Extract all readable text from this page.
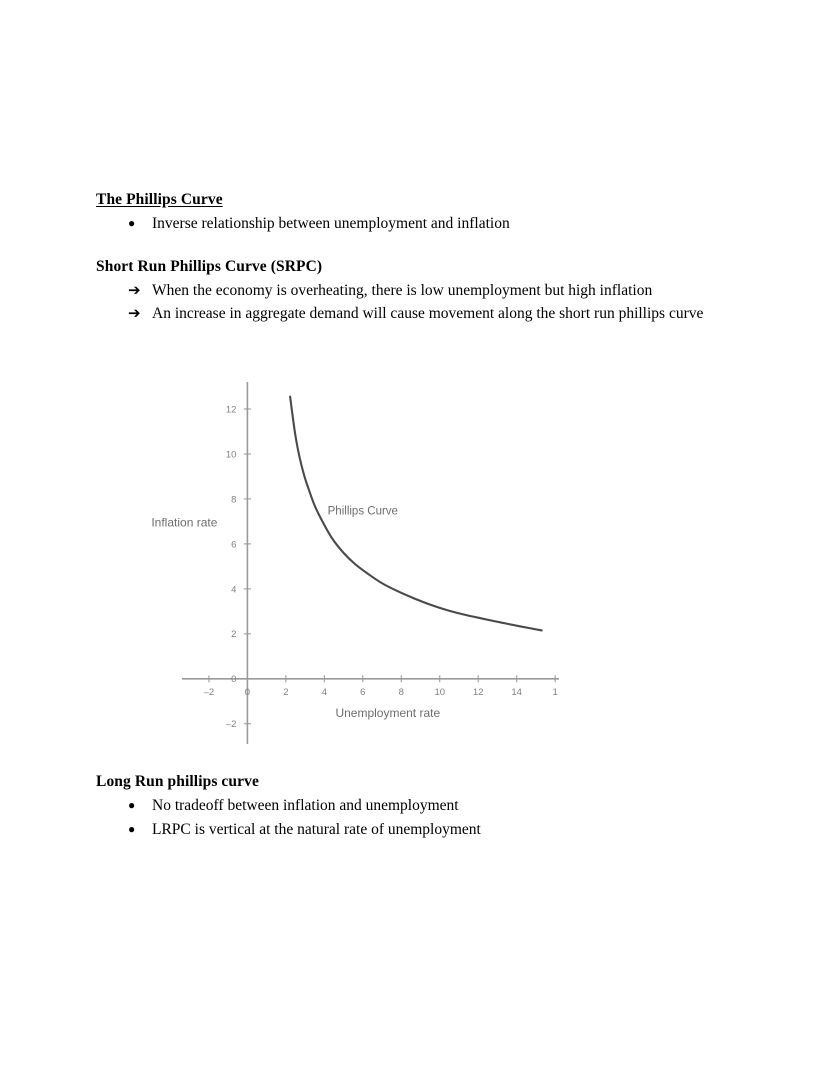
The Phillips Curve

●	Inverse relationship between unemployment and inflation

Short Run Phillips Curve (SRPC)

➔ When the economy is overheating, there is low unemployment but high inflation
➔ An increase in aggregate demand will cause movement along the short run phillips curve
–2	0	2	4	6	8	10	12	14	1
–2
0
2
4
6
8
10
12
Phillips Curve
Unemployment rate
Inflation rate

Long Run phillips curve

●	No tradeoff between inflation and unemployment
●	LRPC is vertical at the natural rate of unemployment
